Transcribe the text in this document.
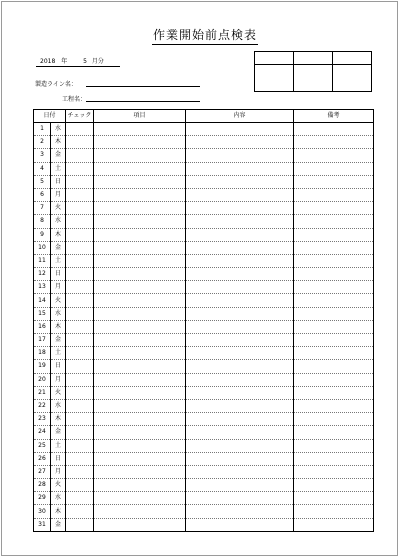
作業開始前点検表
2018 年	5 月分
製造ライン名：
工程名：

日付		チェック	項目	内容	備考
1	水				
2	木				
3	金				
4	土				
5	日				
6	月				
7	火				
8	水				
9	木				
10	金				
11	土				
12	日				
13	月				
14	火				
15	水				
16	木				
17	金				
18	土				
19	日				
20	月				
21	火				
22	水				
23	木				
24	金				
25	土				
26	日				
27	月				
28	火				
29	水				
30	木				
31	金				
